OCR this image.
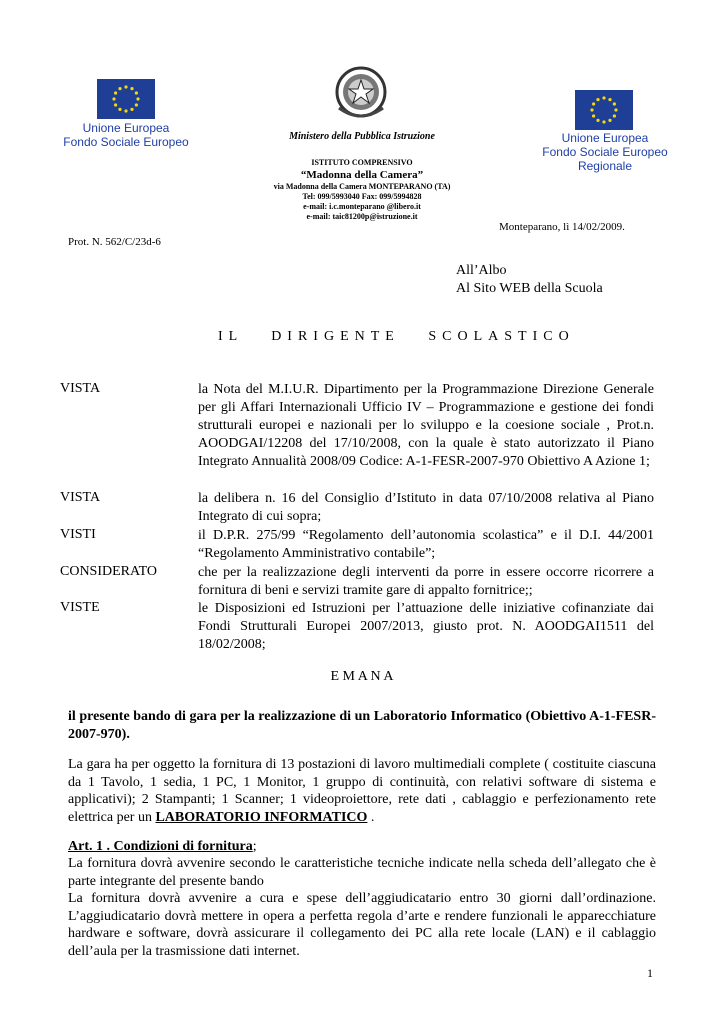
Unione Europea
Fondo Sociale Europeo	Unione Europea
Fondo Sociale Europeo
Regionale
Ministero della Pubblica Istruzione
ISTITUTO COMPRENSIVO
“Madonna della Camera”
via Madonna della Camera MONTEPARANO (TA)
Tel: 099/5993040 Fax: 099/5994828
e-mail: i.c.monteparano @libero.it
e-mail: taic81200p@istruzione.it
Monteparano, lì 14/02/2009.
Prot. N. 562/C/23d-6
All’Albo
Al Sito WEB della Scuola
IL   DIRIGENTE   SCOLASTICO
VISTA	la Nota del M.I.U.R. Dipartimento per la Programmazione Direzione Generale per gli Affari Internazionali Ufficio IV – Programmazione e gestione dei fondi strutturali europei e nazionali per lo sviluppo e la coesione sociale , Prot.n. AOODGAI/12208 del 17/10/2008, con la quale è stato autorizzato il Piano Integrato Annualità 2008/09 Codice: A-1-FESR-2007-970 Obiettivo A Azione 1;
VISTA	la delibera n. 16 del Consiglio d’Istituto in data 07/10/2008 relativa al Piano Integrato di cui sopra;
VISTI	il D.P.R. 275/99 “Regolamento dell’autonomia scolastica” e il D.I. 44/2001 “Regolamento Amministrativo contabile”;
CONSIDERATO	che per la realizzazione degli interventi da porre in essere occorre ricorrere a fornitura di beni e servizi tramite gare di appalto fornitrice;;
VISTE	le Disposizioni ed Istruzioni per l’attuazione delle iniziative cofinanziate dai Fondi Strutturali Europei 2007/2013, giusto prot. N. AOODGAI1511 del 18/02/2008;
E M A N A
il presente bando di gara per la realizzazione di un Laboratorio Informatico (Obiettivo A-1-FESR-2007-970).
La gara ha per oggetto la fornitura di 13 postazioni di lavoro multimediali complete ( costituite ciascuna da 1 Tavolo, 1 sedia, 1 PC, 1 Monitor, 1 gruppo di continuità, con relativi software di sistema e applicativi); 2 Stampanti; 1 Scanner; 1 videoproiettore, rete dati , cablaggio e perfezionamento rete elettrica per un LABORATORIO INFORMATICO .
Art. 1 . Condizioni di fornitura;
La fornitura dovrà avvenire secondo le caratteristiche tecniche indicate nella scheda dell’allegato che è parte integrante del presente bando
La fornitura dovrà avvenire a cura e spese dell’aggiudicatario entro 30 giorni dall’ordinazione. L’aggiudicatario dovrà mettere in opera a perfetta regola d’arte e rendere funzionali le apparecchiature hardware e software, dovrà assicurare il collegamento dei PC alla rete locale (LAN) e il cablaggio dell’aula per la trasmissione dati internet.
1
